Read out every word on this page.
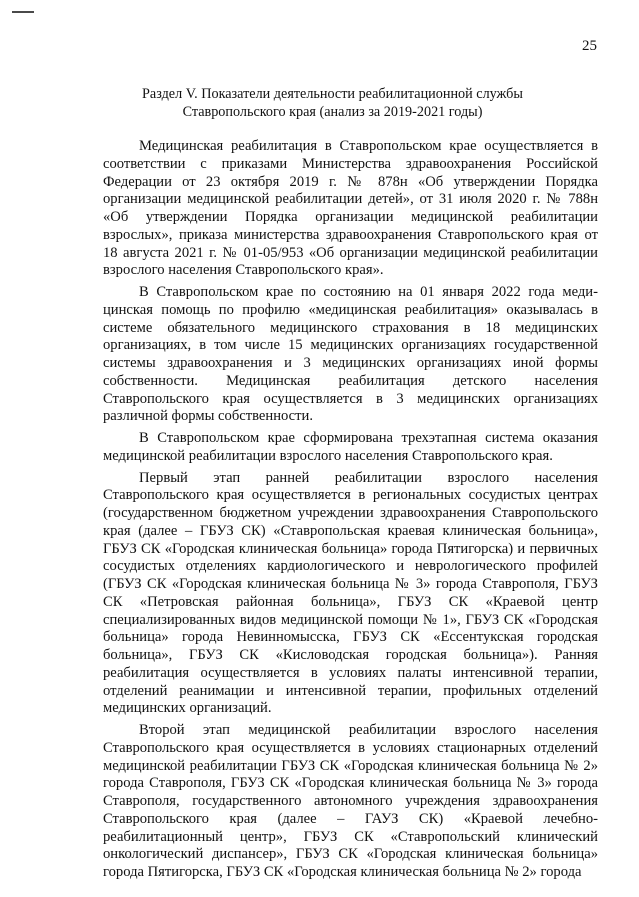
25
Раздел V. Показатели деятельности реабилитационной службы
Ставропольского края (анализ за 2019-2021 годы)

Медицинская реабилитация в Ставропольском крае осуществляется в соответствии с приказами Министерства здравоохранения Российской Федерации от 23 октября 2019 г. № 878н «Об утверждении Порядка организации медицинской реабилитации детей», от 31 июля 2020 г. № 788н «Об утверждении Порядка организации медицинской реабилитации взрослых», приказа министерства здравоохранения Ставропольского края от 18 августа 2021 г. № 01-05/953 «Об организации медицинской реабилитации взрослого населения Ставропольского края».

В Ставропольском крае по состоянию на 01 января 2022 года медицинская помощь по профилю «медицинская реабилитация» оказывалась в системе обязательного медицинского страхования в 18 медицинских организациях, в том числе 15 медицинских организациях государственной системы здравоохранения и 3 медицинских организациях иной формы собственности. Медицинская реабилитация детского населения Ставропольского края осуществляется в 3 медицинских организациях различной формы собственности.

В Ставропольском крае сформирована трехэтапная система оказания медицинской реабилитации взрослого населения Ставропольского края.

Первый этап ранней реабилитации взрослого населения Ставропольского края осуществляется в региональных сосудистых центрах (государственном бюджетном учреждении здравоохранения Ставропольского края (далее – ГБУЗ СК) «Ставропольская краевая клиническая больница», ГБУЗ СК «Городская клиническая больница» города Пятигорска) и первичных сосудистых отделениях кардиологического и неврологического профилей (ГБУЗ СК «Городская клиническая больница № 3» города Ставрополя, ГБУЗ СК «Петровская районная больница», ГБУЗ СК «Краевой центр специализированных видов медицинской помощи № 1», ГБУЗ СК «Городская больница» города Невинномысска, ГБУЗ СК «Ессентукская городская больница», ГБУЗ СК «Кисловодская городская больница»). Ранняя реабилитация осуществляется в условиях палаты интенсивной терапии, отделений реанимации и интенсивной терапии, профильных отделений медицинских организаций.

Второй этап медицинской реабилитации взрослого населения Ставропольского края осуществляется в условиях стационарных отделений медицинской реабилитации ГБУЗ СК «Городская клиническая больница № 2» города Ставрополя, ГБУЗ СК «Городская клиническая больница № 3» города Ставрополя, государственного автономного учреждения здравоохранения Ставропольского края (далее – ГАУЗ СК) «Краевой лечебно-реабилитационный центр», ГБУЗ СК «Ставропольский клинический онкологический диспансер», ГБУЗ СК «Городская клиническая больница» города Пятигорска, ГБУЗ СК «Городская клиническая больница № 2» города
